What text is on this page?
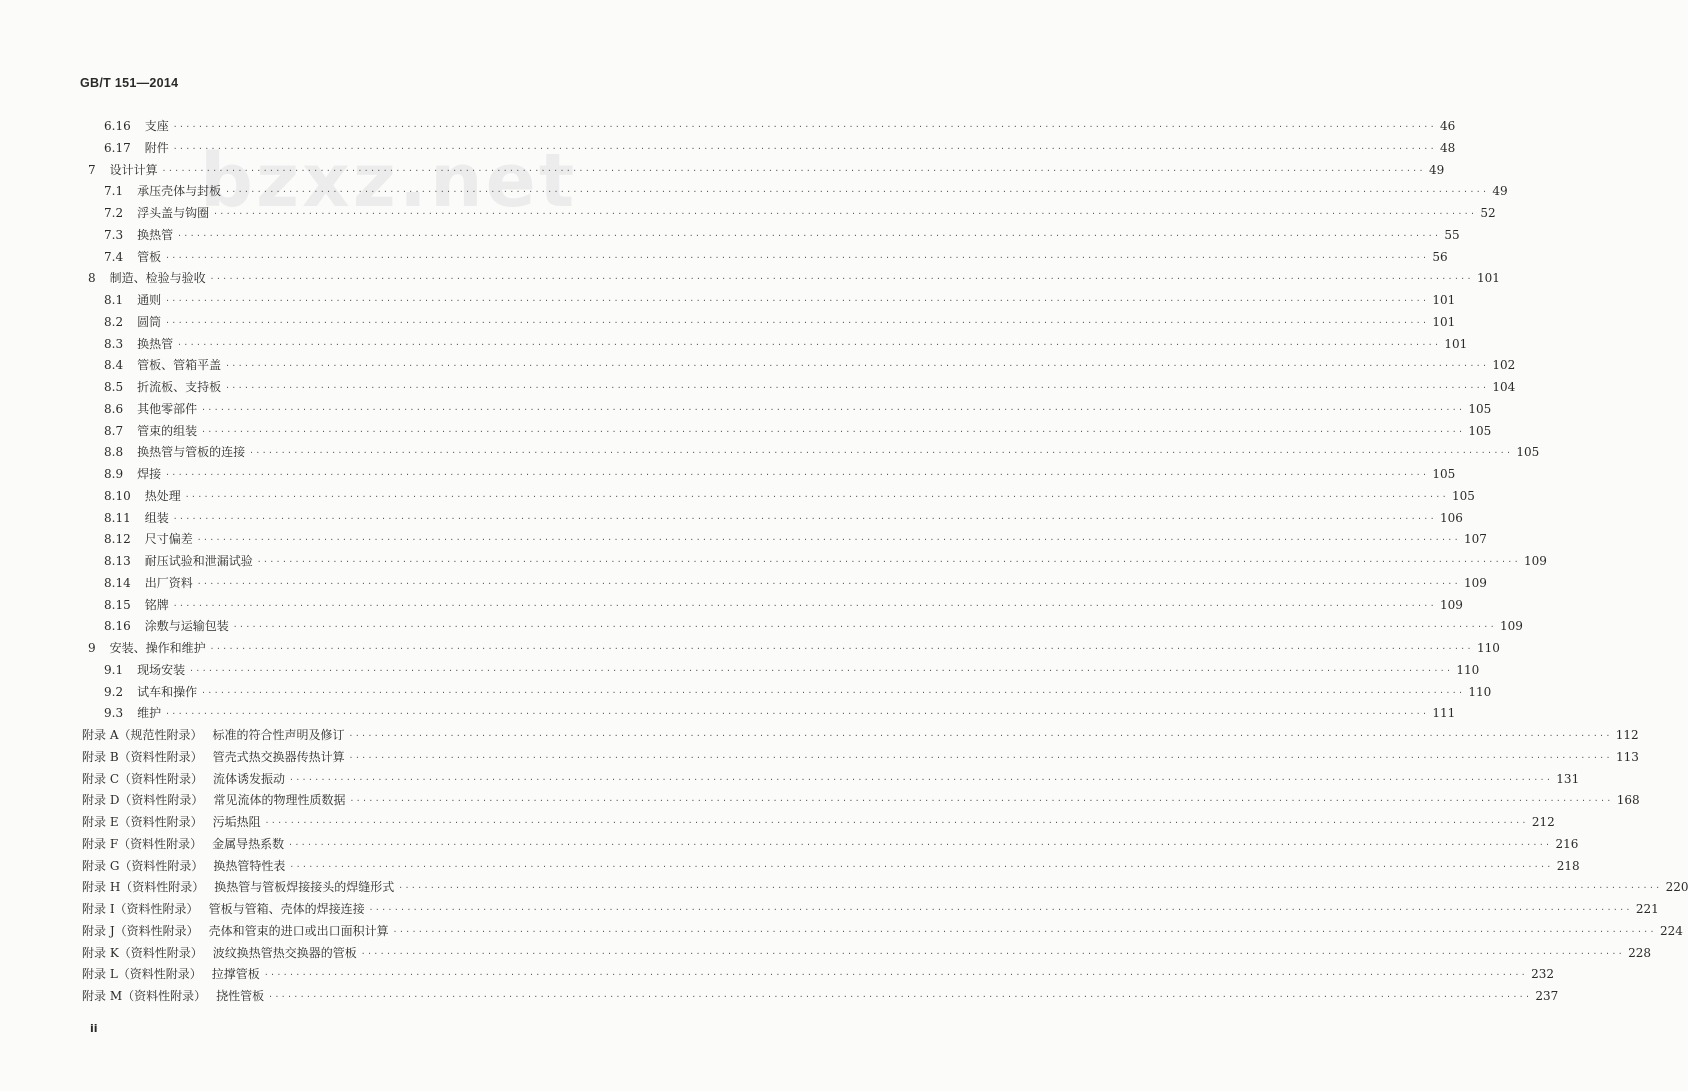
bzxz.net
GB/T 151—2014
6.16	支座 ········································································································································································································ 46
6.17	附件 ········································································································································································································ 48
7	设计计算 ········································································································································································································ 49
7.1	承压壳体与封板 ········································································································································································································ 49
7.2	浮头盖与钩圈 ········································································································································································································ 52
7.3	换热管 ········································································································································································································ 55
7.4	管板 ········································································································································································································ 56
8	制造、检验与验收 ········································································································································································································ 101
8.1	通则 ········································································································································································································ 101
8.2	圆筒 ········································································································································································································ 101
8.3	换热管 ········································································································································································································ 101
8.4	管板、管箱平盖 ········································································································································································································ 102
8.5	折流板、支持板 ········································································································································································································ 104
8.6	其他零部件 ········································································································································································································ 105
8.7	管束的组装 ········································································································································································································ 105
8.8	换热管与管板的连接 ········································································································································································································ 105
8.9	焊接 ········································································································································································································ 105
8.10	热处理 ········································································································································································································ 105
8.11	组装 ········································································································································································································ 106
8.12	尺寸偏差 ········································································································································································································ 107
8.13	耐压试验和泄漏试验 ········································································································································································································ 109
8.14	出厂资料 ········································································································································································································ 109
8.15	铭牌 ········································································································································································································ 109
8.16	涂敷与运输包装 ········································································································································································································ 109
9	安装、操作和维护 ········································································································································································································ 110
9.1	现场安装 ········································································································································································································ 110
9.2	试车和操作 ········································································································································································································ 110
9.3	维护 ········································································································································································································ 111
附录 A（规范性附录） 标准的符合性声明及修订 ········································································································································································································ 112
附录 B（资料性附录） 管壳式热交换器传热计算 ········································································································································································································ 113
附录 C（资料性附录） 流体诱发振动 ········································································································································································································ 131
附录 D（资料性附录） 常见流体的物理性质数据 ········································································································································································································ 168
附录 E（资料性附录） 污垢热阻 ········································································································································································································ 212
附录 F（资料性附录） 金属导热系数 ········································································································································································································ 216
附录 G（资料性附录） 换热管特性表 ········································································································································································································ 218
附录 H（资料性附录） 换热管与管板焊接接头的焊缝形式 ········································································································································································································ 220
附录 I（资料性附录） 管板与管箱、壳体的焊接连接 ········································································································································································································ 221
附录 J（资料性附录） 壳体和管束的进口或出口面积计算 ········································································································································································································ 224
附录 K（资料性附录） 波纹换热管热交换器的管板 ········································································································································································································ 228
附录 L（资料性附录） 拉撑管板 ········································································································································································································ 232
附录 M（资料性附录） 挠性管板 ········································································································································································································ 237
ii
